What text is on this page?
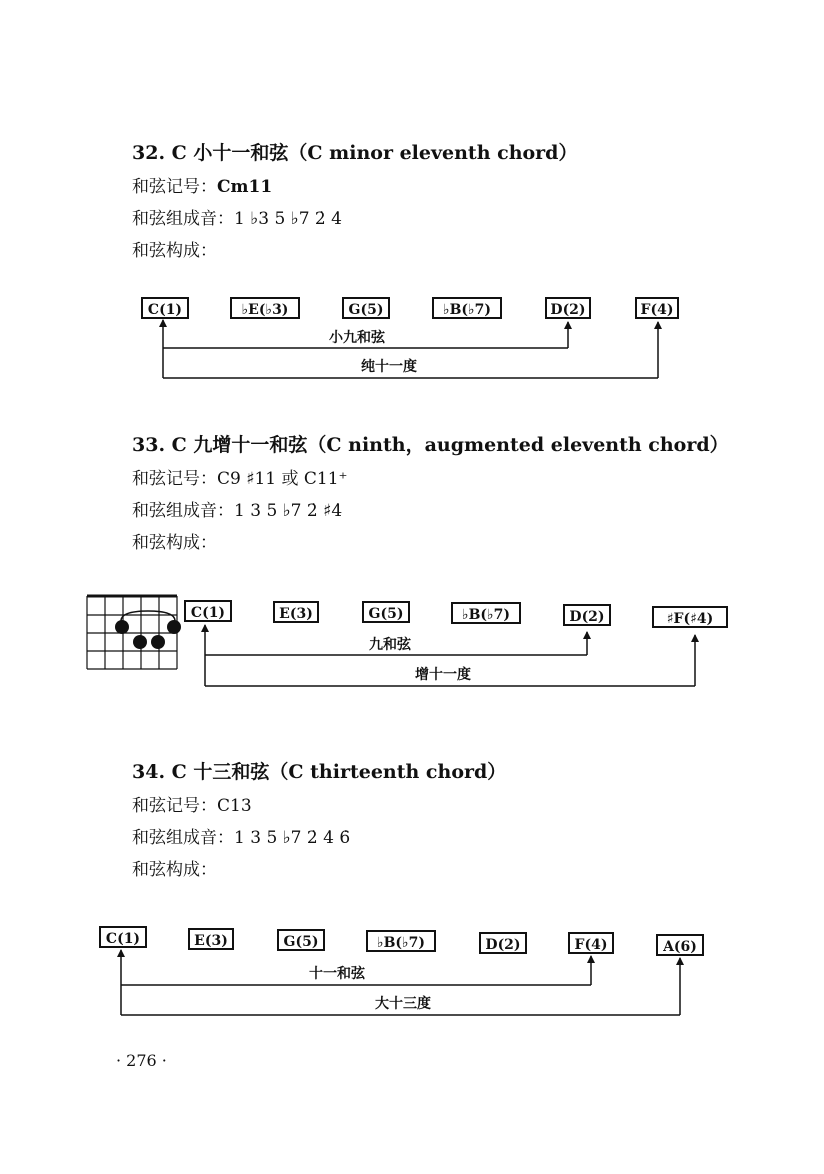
32. C 小十一和弦（C minor eleventh chord）
和弦记号：Cm11
和弦组成音：1 ♭3 5 ♭7 2̇ 4̇
和弦构成：
C(1)	♭E(♭3)	G(5)	♭B(♭7)	D(2)	F(4)
小九和弦
纯十一度
33. C 九增十一和弦（C ninth，augmented eleventh chord）
和弦记号：C9 ♯11 或 C11⁺
和弦组成音：1 3 5 ♭7 2̇ ♯4̇
和弦构成：
C(1)	E(3)	G(5)	♭B(♭7)	D(2)	♯F(♯4)
九和弦
增十一度
34. C 十三和弦（C thirteenth chord）
和弦记号：C13
和弦组成音：1 3 5 ♭7 2̇ 4̇ 6̇
和弦构成：
C(1)	E(3)	G(5)	♭B(♭7)	D(2)	F(4)	A(6)
十一和弦
大十三度
· 276 ·
